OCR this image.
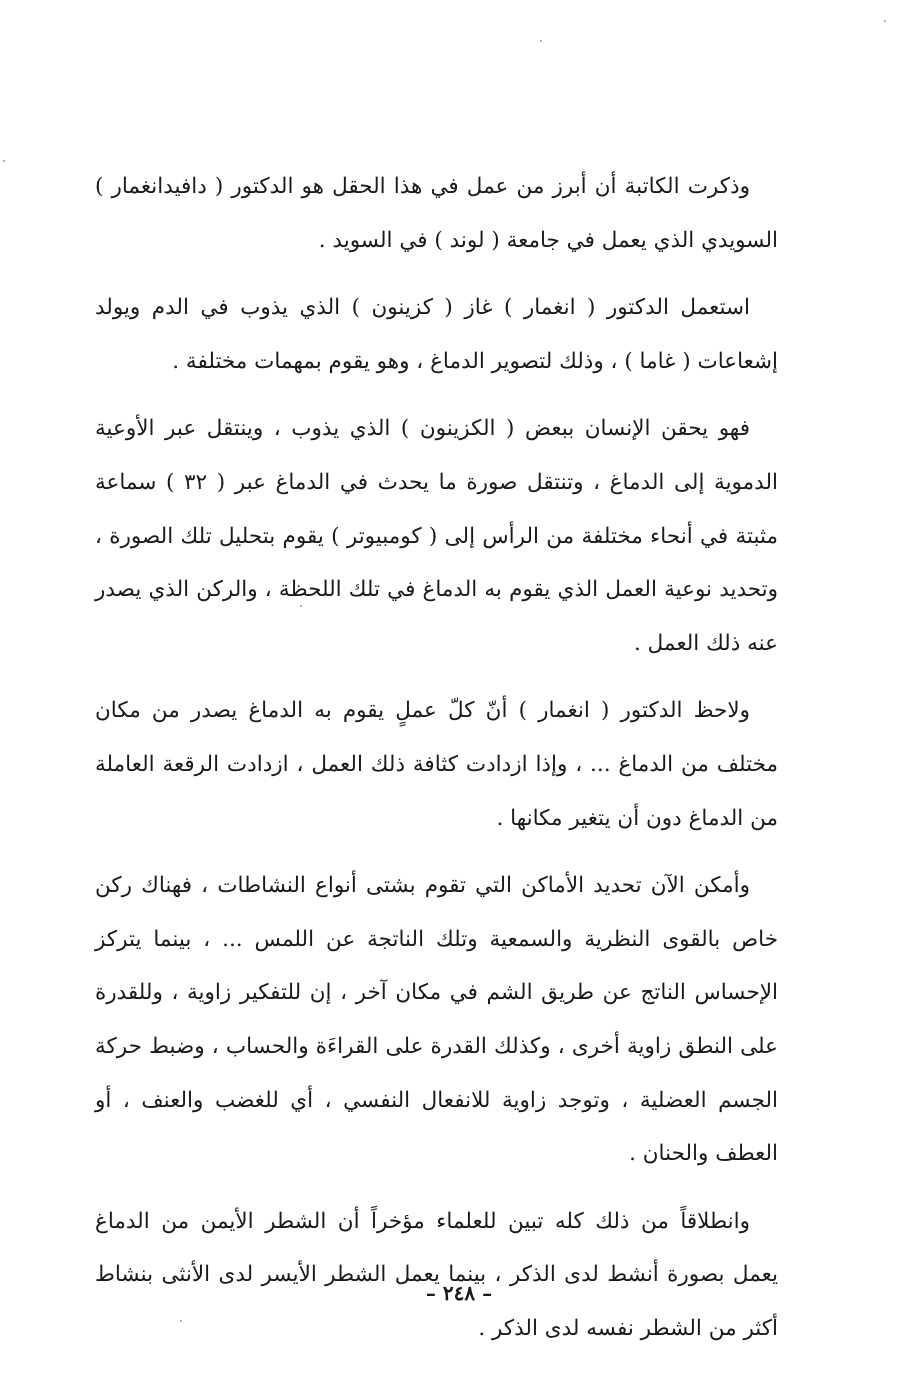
وذكرت الكاتبة أن أبرز من عمل في هذا الحقل هو الدكتور ( دافيدانغمار ) السويدي الذي يعمل في جامعة ( لوند ) في السويد .

استعمل الدكتور ( انغمار ) غاز ( كزينون ) الذي يذوب في الدم ويولد إشعاعات ( غاما ) ، وذلك لتصوير الدماغ ، وهو يقوم بمهمات مختلفة .

فهو يحقن الإنسان ببعض ( الكزينون ) الذي يذوب ، وينتقل عبر الأوعية الدموية إلى الدماغ ، وتنتقل صورة ما يحدث في الدماغ عبر ( ٣٢ ) سماعة مثبتة في أنحاء مختلفة من الرأس إلى ( كومبيوتر ) يقوم بتحليل تلك الصورة ، وتحديد نوعية العمل الذي يقوم به الدماغ في تلك اللحظة ، والركن الذي يصدر عنه ذلك العمل .

ولاحظ الدكتور ( انغمار ) أنّ كلّ عملٍ يقوم به الدماغ يصدر من مكان مختلف من الدماغ ... ، وإذا ازدادت كثافة ذلك العمل ، ازدادت الرقعة العاملة من الدماغ دون أن يتغير مكانها .

وأمكن الآن تحديد الأماكن التي تقوم بشتى أنواع النشاطات ، فهناك ركن خاص بالقوى النظرية والسمعية وتلك الناتجة عن اللمس ... ، بينما يتركز الإحساس الناتج عن طريق الشم في مكان آخر ، إن للتفكير زاوية ، وللقدرة على النطق زاوية أخرى ، وكذلك القدرة على القراءَة والحساب ، وضبط حركة الجسم العضلية ، وتوجد زاوية للانفعال النفسي ، أي للغضب والعنف ، أو العطف والحنان .

وانطلاقاً من ذلك كله تبين للعلماء مؤخراً أن الشطر الأيمن من الدماغ يعمل بصورة أنشط لدى الذكر ، بينما يعمل الشطر الأيسر لدى الأنثى بنشاط أكثر من الشطر نفسه لدى الذكر .

– ٢٤٨ –
